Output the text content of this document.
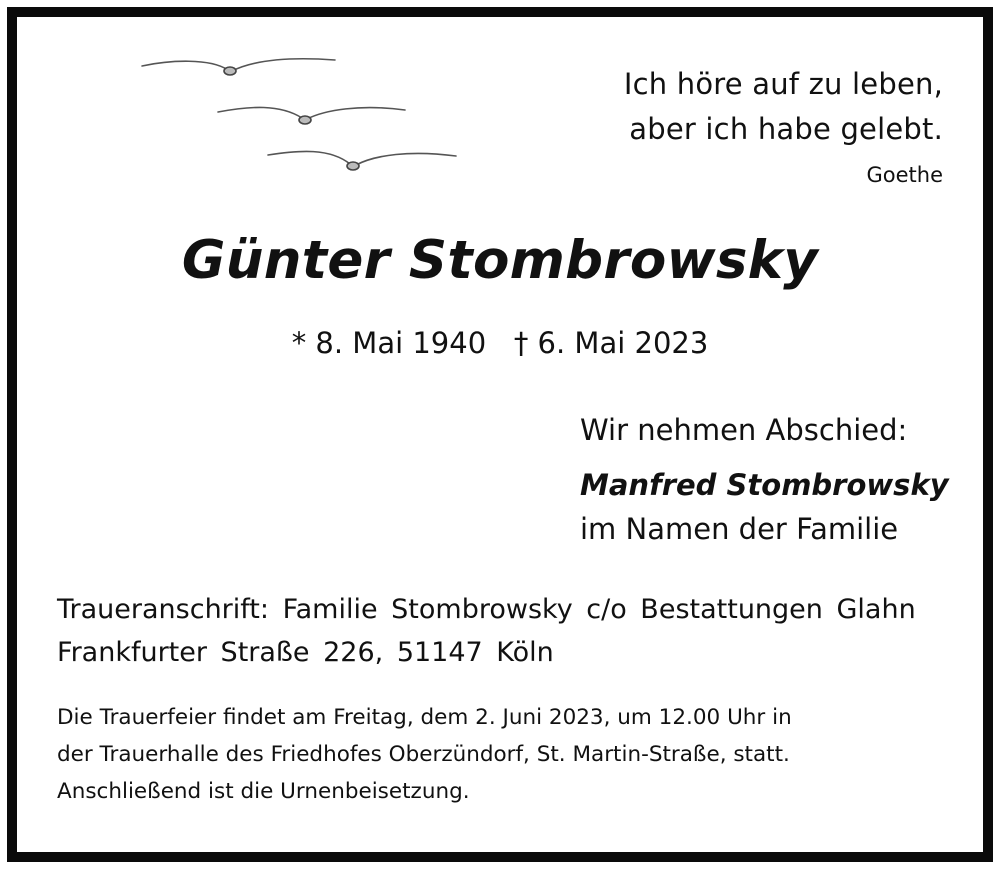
Ich höre auf zu leben,
aber ich habe gelebt.
Goethe
Günter Stombrowsky
* 8. Mai 1940   † 6. Mai 2023
Wir nehmen Abschied:
Manfred Stombrowsky
im Namen der Familie
Traueranschrift: Familie Stombrowsky c/o Bestattungen Glahn
Frankfurter Straße 226, 51147 Köln
Die Trauerfeier findet am Freitag, dem 2. Juni 2023, um 12.00 Uhr in
der Trauerhalle des Friedhofes Oberzündorf, St. Martin-Straße, statt.
Anschließend ist die Urnenbeisetzung.
